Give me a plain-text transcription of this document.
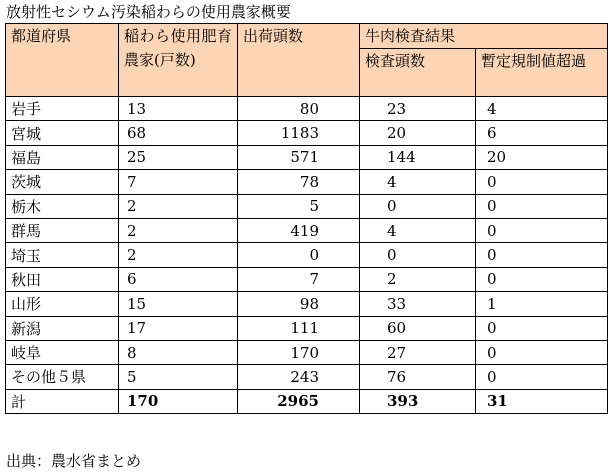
放射性セシウム汚染稲わらの使用農家概要
都道府県	稲わら使用肥育農家(戸数)	出荷頭数	牛肉検査結果	
			検査頭数	暫定規制値超過

岩手	13	80	23	4
宮城	68	1183	20	6
福島	25	571	144	20
茨城	7	78	4	0
栃木	2	5	0	0
群馬	2	419	4	0
埼玉	2	0	0	0
秋田	6	7	2	0
山形	15	98	33	1
新潟	17	111	60	0
岐阜	8	170	27	0
その他５県	5	243	76	0
計	170	2965	393	31
出典：農水省まとめ
